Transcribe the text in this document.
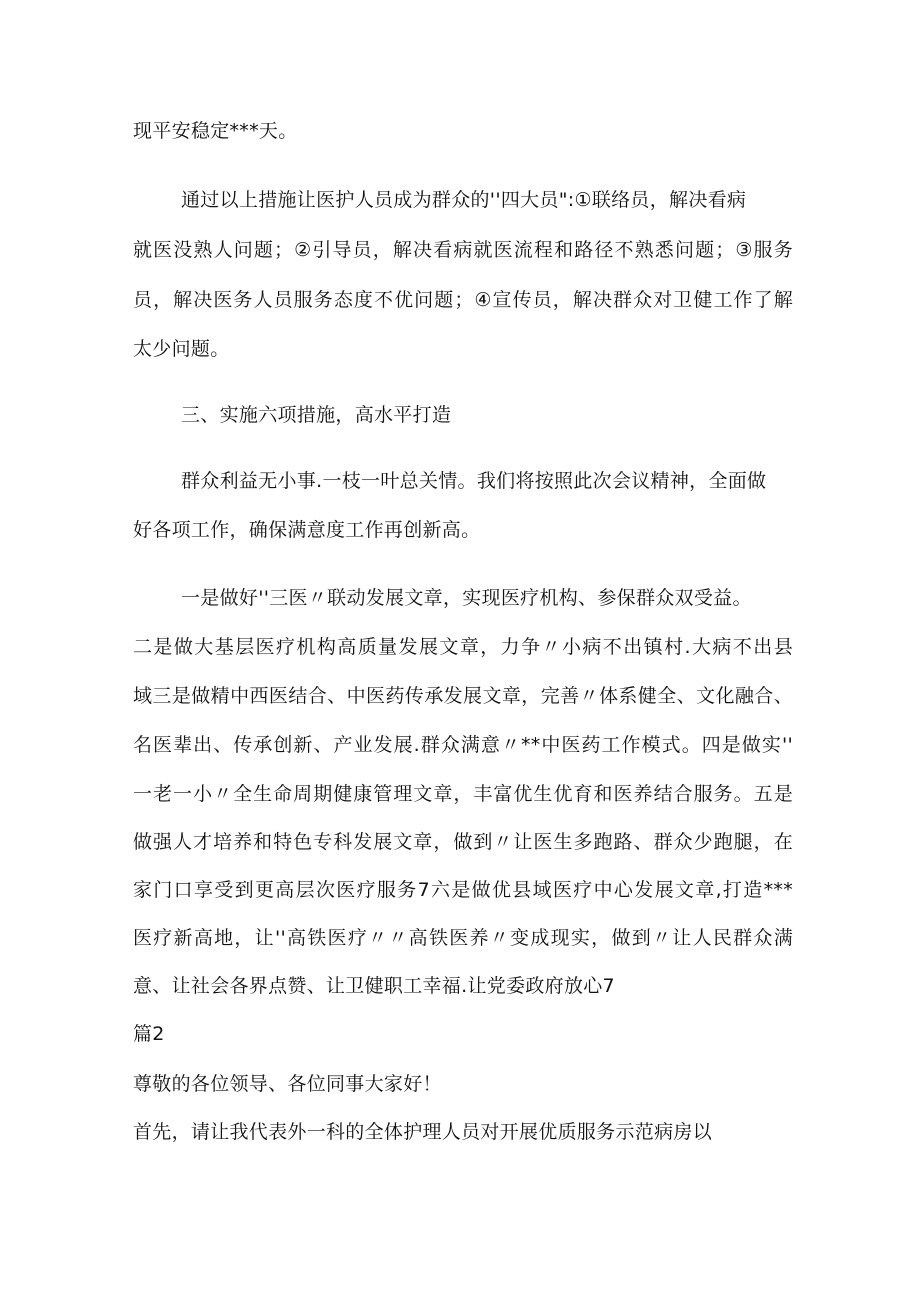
现平安稳定***天。
通过以上措施让医护人员成为群众的''四大员":①联络员，解决看病
就医没熟人问题；②引导员，解决看病就医流程和路径不熟悉问题；③服务
员，解决医务人员服务态度不优问题；④宣传员，解决群众对卫健工作了解
太少问题。
三、实施六项措施，高水平打造
群众利益无小事.一枝一叶总关情。我们将按照此次会议精神，全面做
好各项工作，确保满意度工作再创新高。
一是做好''三医〃联动发展文章，实现医疗机构、参保群众双受益。
二是做大基层医疗机构高质量发展文章，力争〃小病不出镇村.大病不出县
域三是做精中西医结合、中医药传承发展文章，完善〃体系健全、文化融合、
名医辈出、传承创新、产业发展.群众满意〃**中医药工作模式。四是做实''
一老一小〃全生命周期健康管理文章，丰富优生优育和医养结合服务。五是
做强人才培养和特色专科发展文章，做到〃让医生多跑路、群众少跑腿，在
家门口享受到更高层次医疗服务7六是做优县域医疗中心发展文章,打造***
医疗新高地，让''高铁医疗〃〃高铁医养〃变成现实，做到〃让人民群众满
意、让社会各界点赞、让卫健职工幸福.让党委政府放心7
篇2
尊敬的各位领导、各位同事大家好！
首先，请让我代表外一科的全体护理人员对开展优质服务示范病房以
